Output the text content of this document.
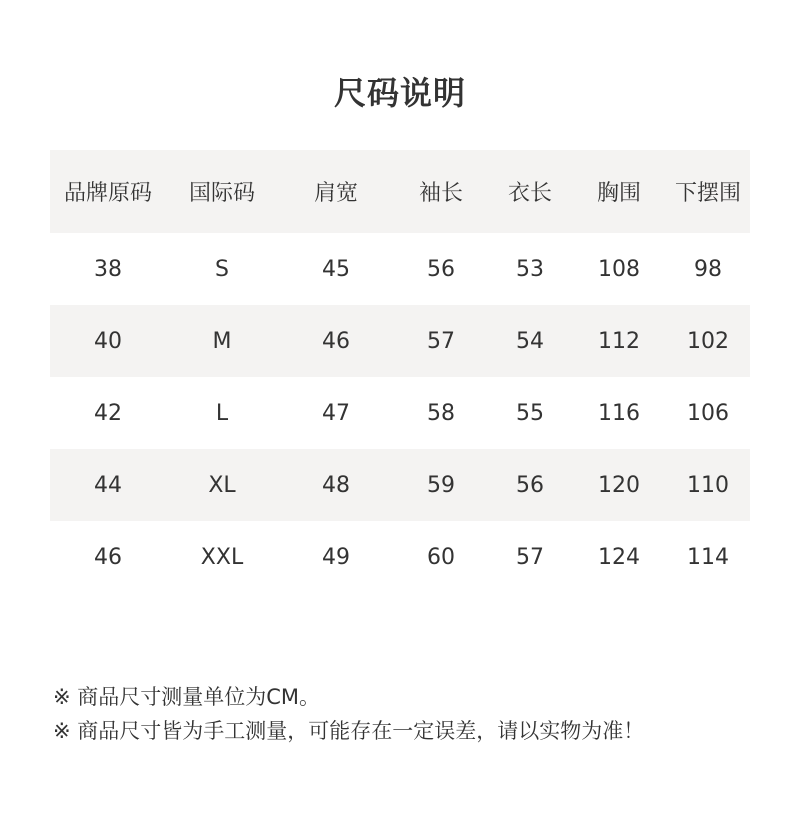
尺码说明
品牌原码	国际码	肩宽	袖长	衣长	胸围	下摆围
38	S	45	56	53	108	98
40	M	46	57	54	112	102
42	L	47	58	55	116	106
44	XL	48	59	56	120	110
46	XXL	49	60	57	124	114
※ 商品尺寸测量单位为CM。
※ 商品尺寸皆为手工测量，可能存在一定误差，请以实物为准！
